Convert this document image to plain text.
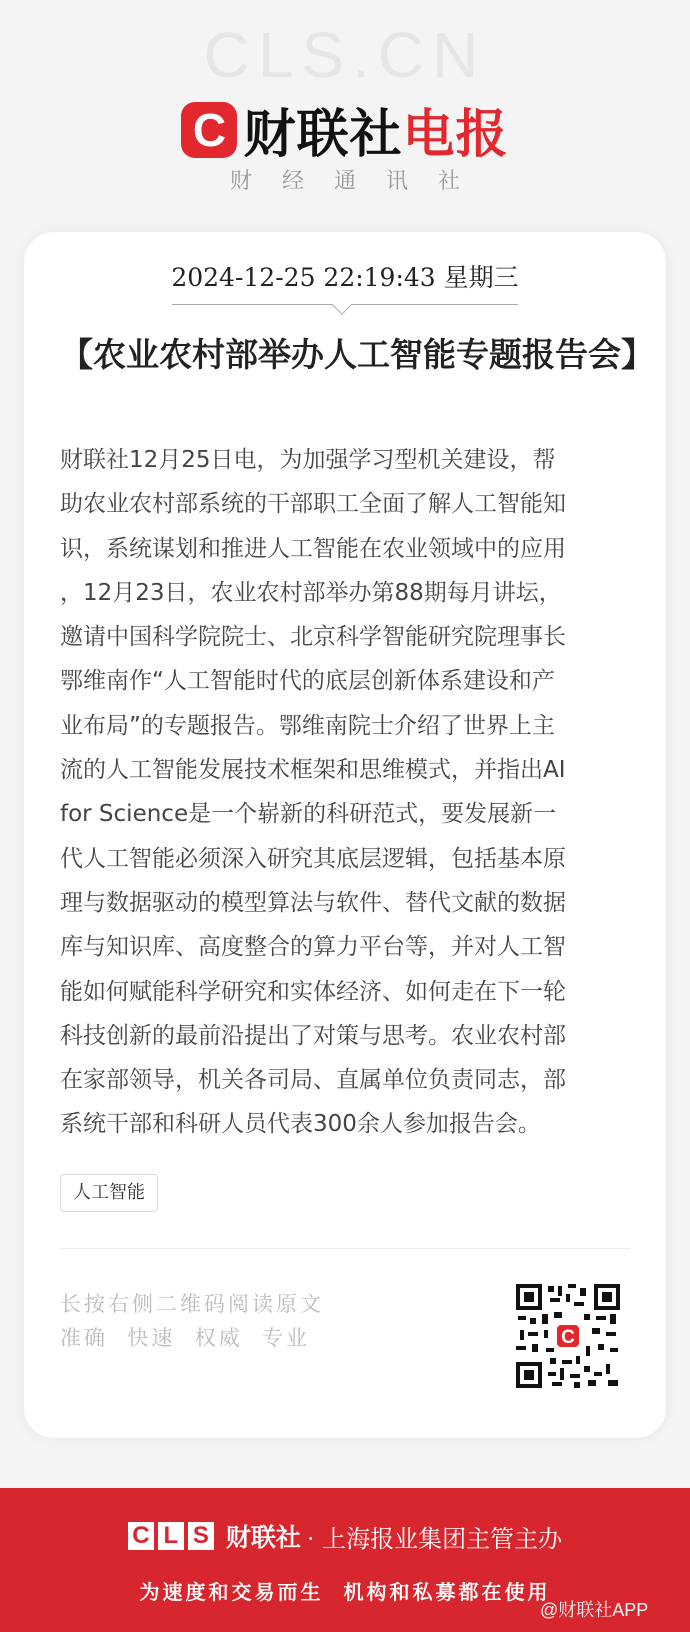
CLS.CN
C 财联社 电报
财经通讯社
2024-12-25 22:19:43 星期三
【农业农村部举办人工智能专题报告会】
财联社12月25日电，为加强学习型机关建设，帮
助农业农村部系统的干部职工全面了解人工智能知
识，系统谋划和推进人工智能在农业领域中的应用
，12月23日，农业农村部举办第88期每月讲坛，
邀请中国科学院院士、北京科学智能研究院理事长
鄂维南作“人工智能时代的底层创新体系建设和产
业布局”的专题报告。鄂维南院士介绍了世界上主
流的人工智能发展技术框架和思维模式，并指出AI
for Science是一个崭新的科研范式，要发展新一
代人工智能必须深入研究其底层逻辑，包括基本原
理与数据驱动的模型算法与软件、替代文献的数据
库与知识库、高度整合的算力平台等，并对人工智
能如何赋能科学研究和实体经济、如何走在下一轮
科技创新的最前沿提出了对策与思考。农业农村部
在家部领导，机关各司局、直属单位负责同志，部
系统干部和科研人员代表300余人参加报告会。
人工智能
长按右侧二维码阅读原文
准确  快速  权威  专业	C
C L S 财联社 · 上海报业集团主管主办
为速度和交易而生  机构和私募都在使用
@财联社APP
